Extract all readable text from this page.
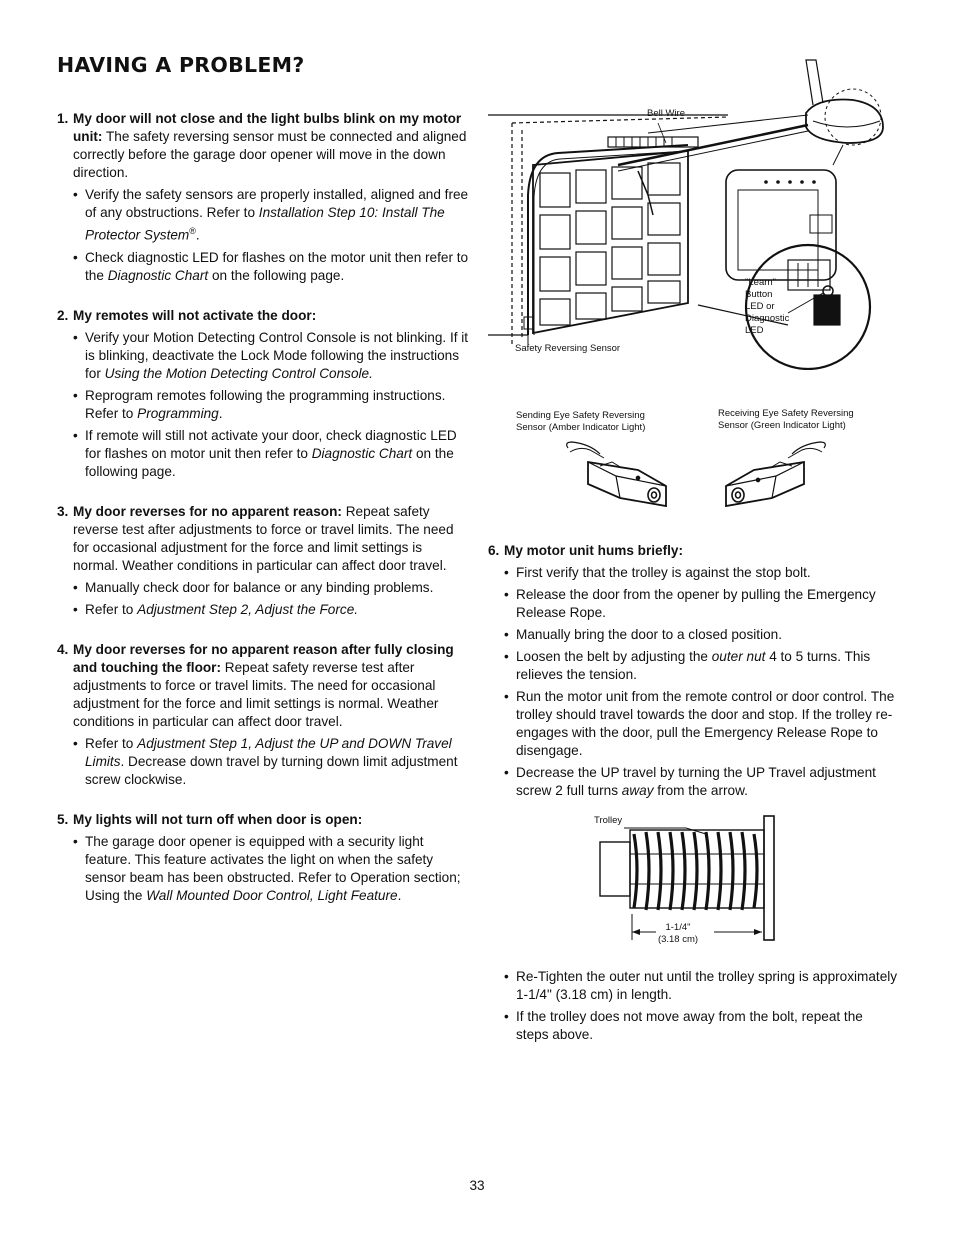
HAVING A PROBLEM?
1. My door will not close and the light bulbs blink on my motor unit: The safety reversing sensor must be connected and aligned correctly before the garage door opener will move in the down direction.
• Verify the safety sensors are properly installed, aligned and free of any obstructions. Refer to Installation Step 10: Install The Protector System®.
• Check diagnostic LED for flashes on the motor unit then refer to the Diagnostic Chart on the following page.
2. My remotes will not activate the door:
• Verify your Motion Detecting Control Console is not blinking. If it is blinking, deactivate the Lock Mode following the instructions for Using the Motion Detecting Control Console.
• Reprogram remotes following the programming instructions. Refer to Programming.
• If remote will still not activate your door, check diagnostic LED for flashes on motor unit then refer to Diagnostic Chart on the following page.
3. My door reverses for no apparent reason: Repeat safety reverse test after adjustments to force or travel limits. The need for occasional adjustment for the force and limit settings is normal. Weather conditions in particular can affect door travel.
• Manually check door for balance or any binding problems.
• Refer to Adjustment Step 2, Adjust the Force.
4. My door reverses for no apparent reason after fully closing and touching the floor: Repeat safety reverse test after adjustments to force or travel limits. The need for occasional adjustment for the force and limit settings is normal. Weather conditions in particular can affect door travel.
• Refer to Adjustment Step 1, Adjust the UP and DOWN Travel Limits. Decrease down travel by turning down limit adjustment screw clockwise.
5. My lights will not turn off when door is open:
• The garage door opener is equipped with a security light feature. This feature activates the light on when the safety sensor beam has been obstructed. Refer to Operation section; Using the Wall Mounted Door Control, Light Feature.
6. My motor unit hums briefly:
• First verify that the trolley is against the stop bolt.
• Release the door from the opener by pulling the Emergency Release Rope.
• Manually bring the door to a closed position.
• Loosen the belt by adjusting the outer nut 4 to 5 turns. This relieves the tension.
• Run the motor unit from the remote control or door control. The trolley should travel towards the door and stop. If the trolley re-engages with the door, pull the Emergency Release Rope to disengage.
• Decrease the UP travel by turning the UP Travel adjustment screw 2 full turns away from the arrow.
• Re-Tighten the outer nut until the trolley spring is approximately 1-1/4" (3.18 cm) in length.
• If the trolley does not move away from the bolt, repeat the steps above.
Bell Wire
"Learn"
Button
LED or
Diagnostic
LED
Safety Reversing Sensor
Sending Eye Safety Reversing
Sensor (Amber Indicator Light)
Receiving Eye Safety Reversing
Sensor (Green Indicator Light)
Trolley
1-1/4"
(3.18 cm)
33
